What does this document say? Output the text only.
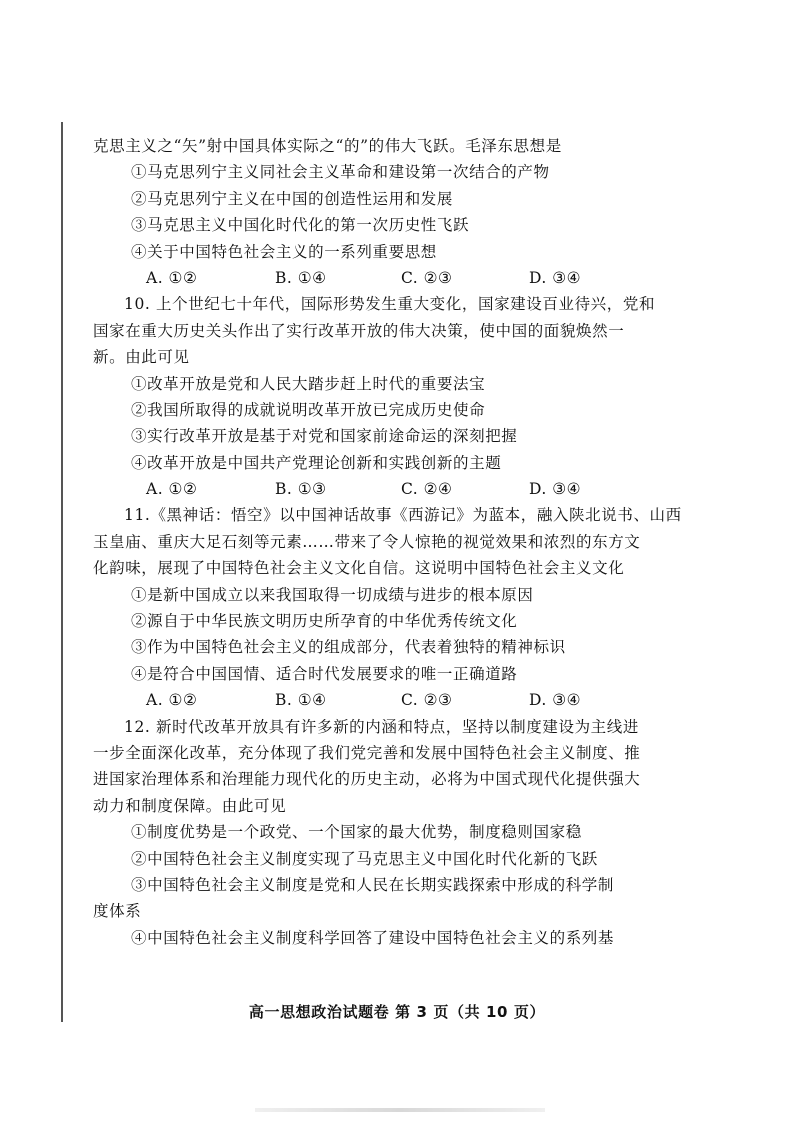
克思主义之“矢”射中国具体实际之“的”的伟大飞跃。毛泽东思想是
①马克思列宁主义同社会主义革命和建设第一次结合的产物
②马克思列宁主义在中国的创造性运用和发展
③马克思主义中国化时代化的第一次历史性飞跃
④关于中国特色社会主义的一系列重要思想
A. ①②	B. ①④	C. ②③	D. ③④
10. 上个世纪七十年代，国际形势发生重大变化，国家建设百业待兴，党和
国家在重大历史关头作出了实行改革开放的伟大决策，使中国的面貌焕然一
新。由此可见
①改革开放是党和人民大踏步赶上时代的重要法宝
②我国所取得的成就说明改革开放已完成历史使命
③实行改革开放是基于对党和国家前途命运的深刻把握
④改革开放是中国共产党理论创新和实践创新的主题
A. ①②	B. ①③	C. ②④	D. ③④
11.《黑神话：悟空》以中国神话故事《西游记》为蓝本，融入陕北说书、山西
玉皇庙、重庆大足石刻等元素……带来了令人惊艳的视觉效果和浓烈的东方文
化韵味，展现了中国特色社会主义文化自信。这说明中国特色社会主义文化
①是新中国成立以来我国取得一切成绩与进步的根本原因
②源自于中华民族文明历史所孕育的中华优秀传统文化
③作为中国特色社会主义的组成部分，代表着独特的精神标识
④是符合中国国情、适合时代发展要求的唯一正确道路
A. ①②	B. ①④	C. ②③	D. ③④
12. 新时代改革开放具有许多新的内涵和特点，坚持以制度建设为主线进
一步全面深化改革，充分体现了我们党完善和发展中国特色社会主义制度、推
进国家治理体系和治理能力现代化的历史主动，必将为中国式现代化提供强大
动力和制度保障。由此可见
①制度优势是一个政党、一个国家的最大优势，制度稳则国家稳
②中国特色社会主义制度实现了马克思主义中国化时代化新的飞跃
③中国特色社会主义制度是党和人民在长期实践探索中形成的科学制
度体系
④中国特色社会主义制度科学回答了建设中国特色社会主义的系列基
高一思想政治试题卷 第 3 页（共 10 页）
